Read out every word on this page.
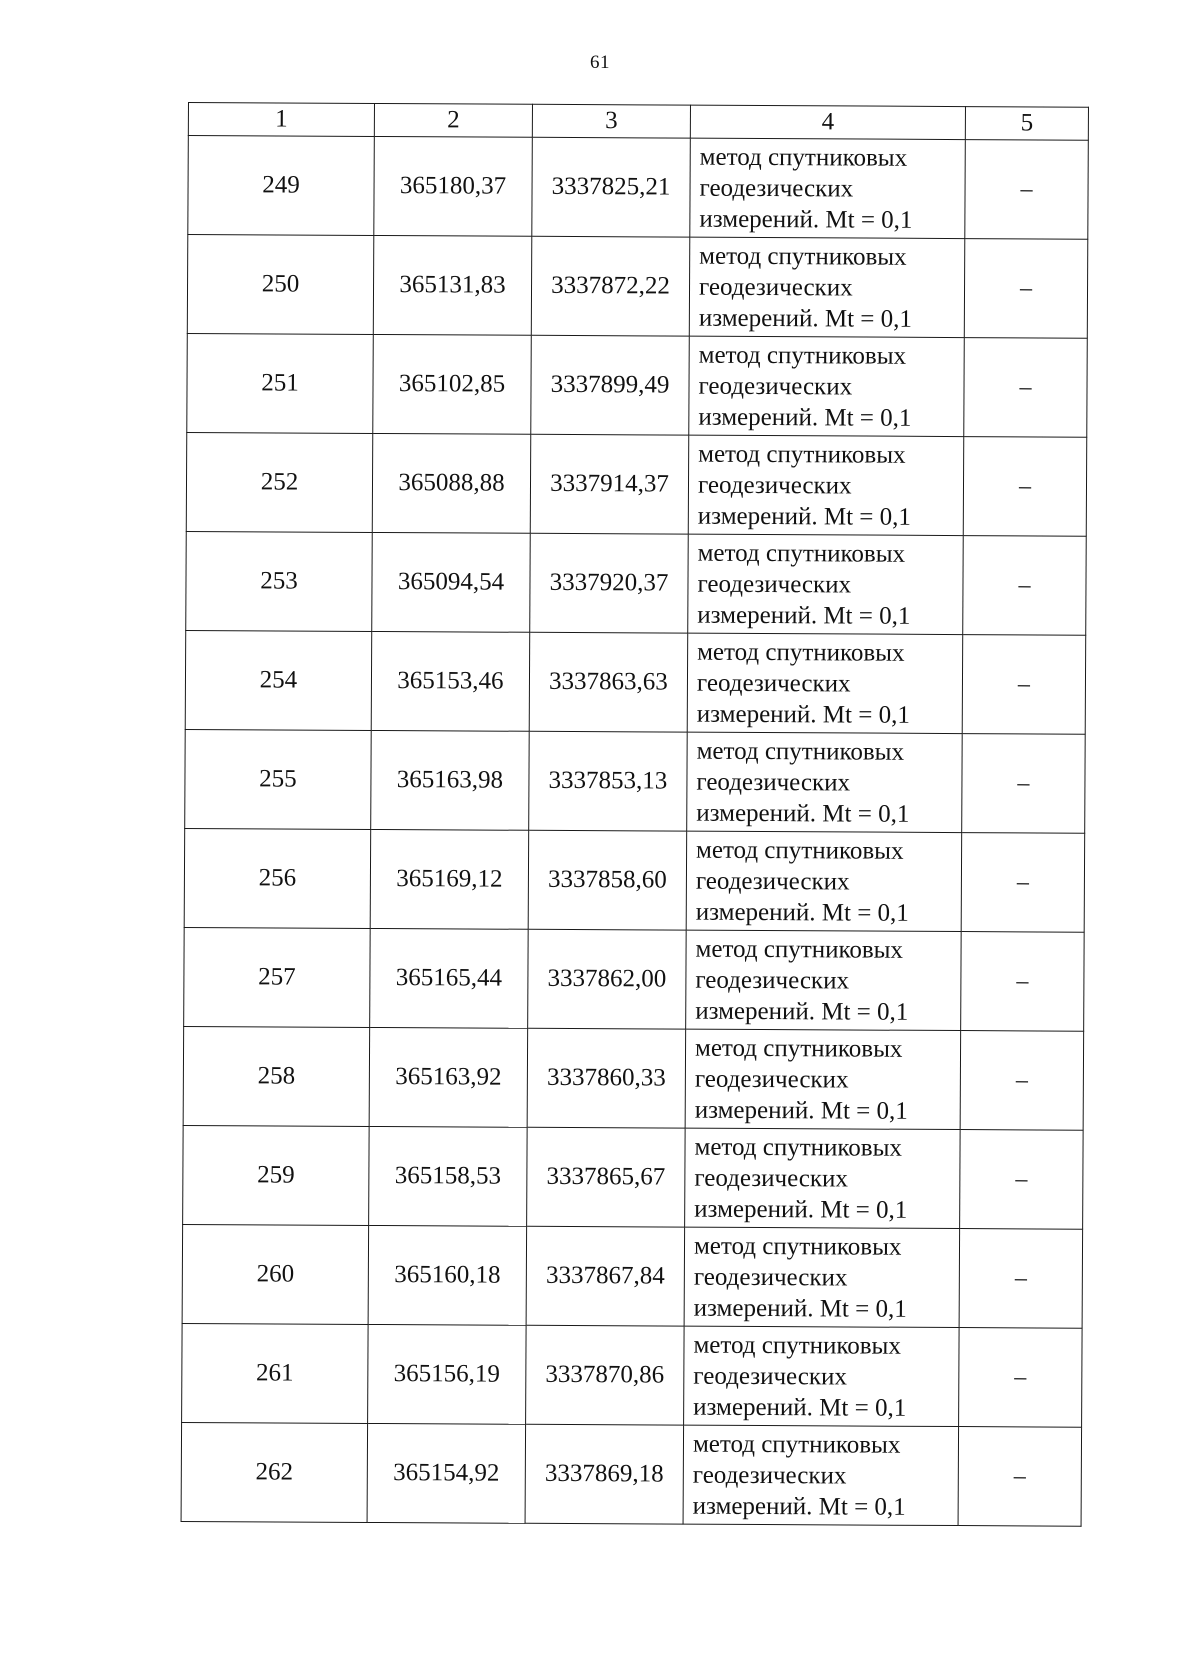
61
1	2	3	4	5
249	365180,37	3337825,21	метод спутниковых
геодезических
измерений. Mt = 0,1	–
250	365131,83	3337872,22	метод спутниковых
геодезических
измерений. Mt = 0,1	–
251	365102,85	3337899,49	метод спутниковых
геодезических
измерений. Mt = 0,1	–
252	365088,88	3337914,37	метод спутниковых
геодезических
измерений. Mt = 0,1	–
253	365094,54	3337920,37	метод спутниковых
геодезических
измерений. Mt = 0,1	–
254	365153,46	3337863,63	метод спутниковых
геодезических
измерений. Mt = 0,1	–
255	365163,98	3337853,13	метод спутниковых
геодезических
измерений. Mt = 0,1	–
256	365169,12	3337858,60	метод спутниковых
геодезических
измерений. Mt = 0,1	–
257	365165,44	3337862,00	метод спутниковых
геодезических
измерений. Mt = 0,1	–
258	365163,92	3337860,33	метод спутниковых
геодезических
измерений. Mt = 0,1	–
259	365158,53	3337865,67	метод спутниковых
геодезических
измерений. Mt = 0,1	–
260	365160,18	3337867,84	метод спутниковых
геодезических
измерений. Mt = 0,1	–
261	365156,19	3337870,86	метод спутниковых
геодезических
измерений. Mt = 0,1	–
262	365154,92	3337869,18	метод спутниковых
геодезических
измерений. Mt = 0,1	–
